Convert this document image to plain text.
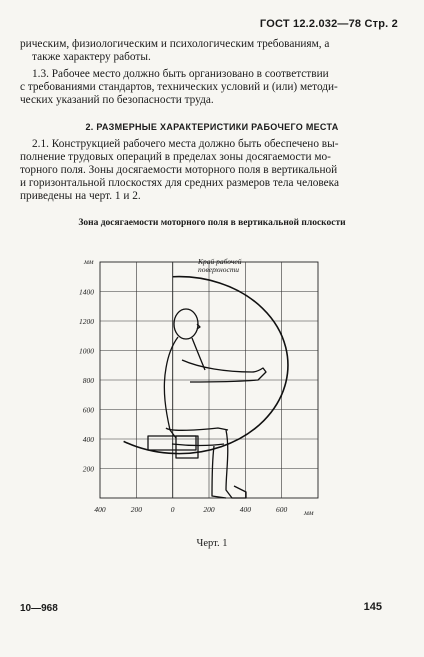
ГОСТ 12.2.032—78 Стр. 2
рическим, физиологическим и психологическим требованиям, а
также характеру работы.
1.3. Рабочее место должно быть организовано в соответствии
с требованиями стандартов, технических условий и (или) методи-
ческих указаний по безопасности труда.
2. РАЗМЕРНЫЕ ХАРАКТЕРИСТИКИ РАБОЧЕГО МЕСТА
2.1. Конструкцией рабочего места должно быть обеспечено вы-
полнение трудовых операций в пределах зоны досягаемости мо-
торного поля. Зоны досягаемости моторного поля в вертикальной
и горизонтальной плоскостях для средних размеров тела человека
приведены на черт. 1 и 2.
Зона досягаемости моторного поля в вертикальной плоскости
200
400
600
800
1000
1200
1400
400	200	0	200	400	600
мм
мм
Край рабочей
поверхности
Черт. 1
10—968	145
